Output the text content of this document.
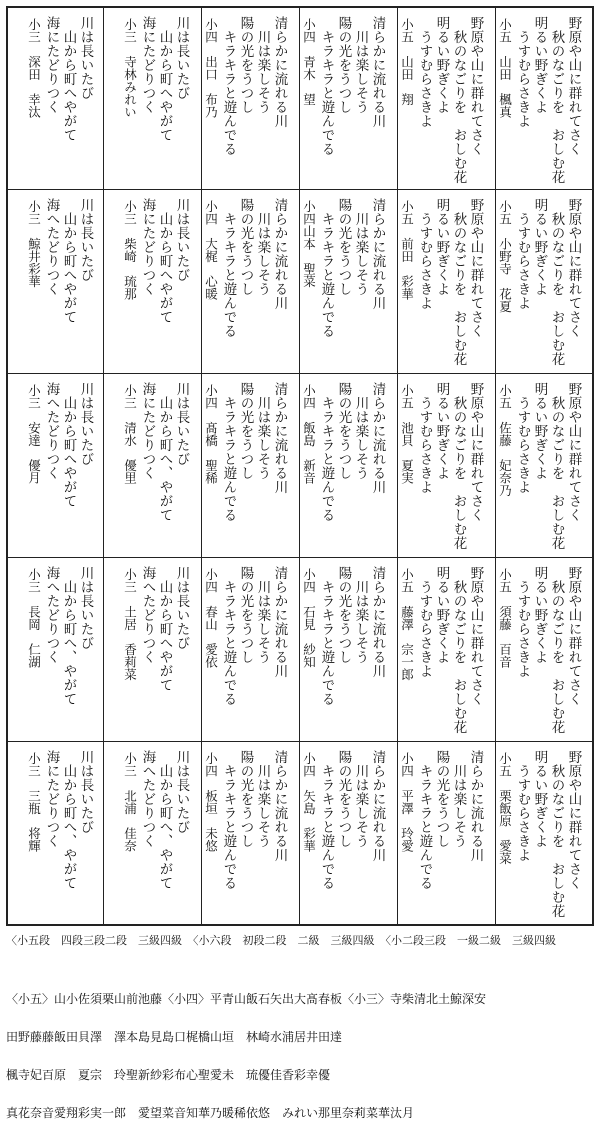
野原や山に群れてさく
秋のなごりを　おしむ花
明るい野ぎくよ
うすむらさきよ
小五　山田　楓真
野原や山に群れてさく
秋のなごりを　おしむ花
明るい野ぎくよ
うすむらさきよ
小五　山田　翔
清らかに流れる川
川は楽しそう
陽の光をうつし
キラキラと遊んでる
小四　青木　望
清らかに流れる川
川は楽しそう
陽の光をうつし
キラキラと遊んでる
小四　出口　布乃
川は長いたび
山から町へやがて
海にたどりつく
小三　寺林みれい
川は長いたび
山から町へやがて
海にたどりつく
小三　深田　幸汰
野原や山に群れてさく
秋のなごりを　おしむ花
明るい野ぎくよ
うすむらさきよ
小五　小野寺　花夏
野原や山に群れてさく
秋のなごりを　おしむ花
明るい野ぎくよ
うすむらさきよ
小五　前田　彩華
清らかに流れる川
川は楽しそう
陽の光をうつし
キラキラと遊んでる
小四山本　聖菜
清らかに流れる川
川は楽しそう
陽の光をうつし
キラキラと遊んでる
小四　大梶　心暖
川は長いたび
山から町へやがて
海にたどりつく
小三　柴崎　琉那
川は長いたび
山から町へやがて
海へたどりつく
小三　鯨井彩華
野原や山に群れてさく
秋のなごりを　おしむ花
明るい野ぎくよ
うすむらさきよ
小五　佐藤　妃奈乃
野原や山に群れてさく
秋のなごりを　おしむ花
明るい野ぎくよ
うすむらさきよ
小五　池貝　夏実
清らかに流れる川
川は楽しそう
陽の光をうつし
キラキラと遊んでる
小四　飯島　新音
清らかに流れる川
川は楽しそう
陽の光をうつし
キラキラと遊んでる
小四　髙橋　聖稀
川は長いたび
山から町へ、やがて
海にたどりつく
小三　清水　優里
川は長いたび
山から町へやがて
海へたどりつく
小三　安達　優月
野原や山に群れてさく
秋のなごりを　おしむ花
明るい野ぎくよ
うすむらさきよ
小五　須藤　百音
野原や山に群れてさく
秋のなごりを　おしむ花
明るい野ぎくよ
うすむらさきよ
小五　藤澤　宗一郎
清らかに流れる川
川は楽しそう
陽の光をうつし
キラキラと遊んでる
小四　石見　紗知
清らかに流れる川
川は楽しそう
陽の光をうつし
キラキラと遊んでる
小四　春山　愛依
川は長いたび
山から町へやがて
海へたどりつく
小三　土居　香莉菜
川は長いたび
山から町へ、やがて
海へたどりつく
小三　長岡　仁湖
野原や山に群れてさく
秋のなごりを　おしむ花
明るい野ぎくよ
うすむらさきよ
小五　栗飯原　愛菜
清らかに流れる川
川は楽しそう
陽の光をうつし
キラキラと遊んでる
小四　平澤　玲愛
清らかに流れる川
川は楽しそう
陽の光をうつし
キラキラと遊んでる
小四　矢島　彩華
清らかに流れる川
川は楽しそう
陽の光をうつし
キラキラと遊んでる
小四　板垣　未悠
川は長いたび
山から町へ、やがて
海へたどりつく
小三　北浦　佳奈
川は長いたび
山から町へ、やがて
海にたどりつく
小三　三瓶　将輝
〈小五段　四段三段二段　三級四級　〈小六段　初段二段　二級　三級四級　〈小二段三段　一級二級　三級四級
〈小五〉山小佐須栗山前池藤〈小四〉平青山飯石矢出大髙春板〈小三〉寺柴清北土鯨深安
田野藤藤飯田貝澤　澤本島見島口梶橋山垣　林崎水浦居井田達
楓寺妃百原　夏宗　玲聖新紗彩布心聖愛未　琉優佳香彩幸優
真花奈音愛翔彩実一郎　愛望菜音知華乃暖稀依悠　みれい那里奈莉菜華汰月
